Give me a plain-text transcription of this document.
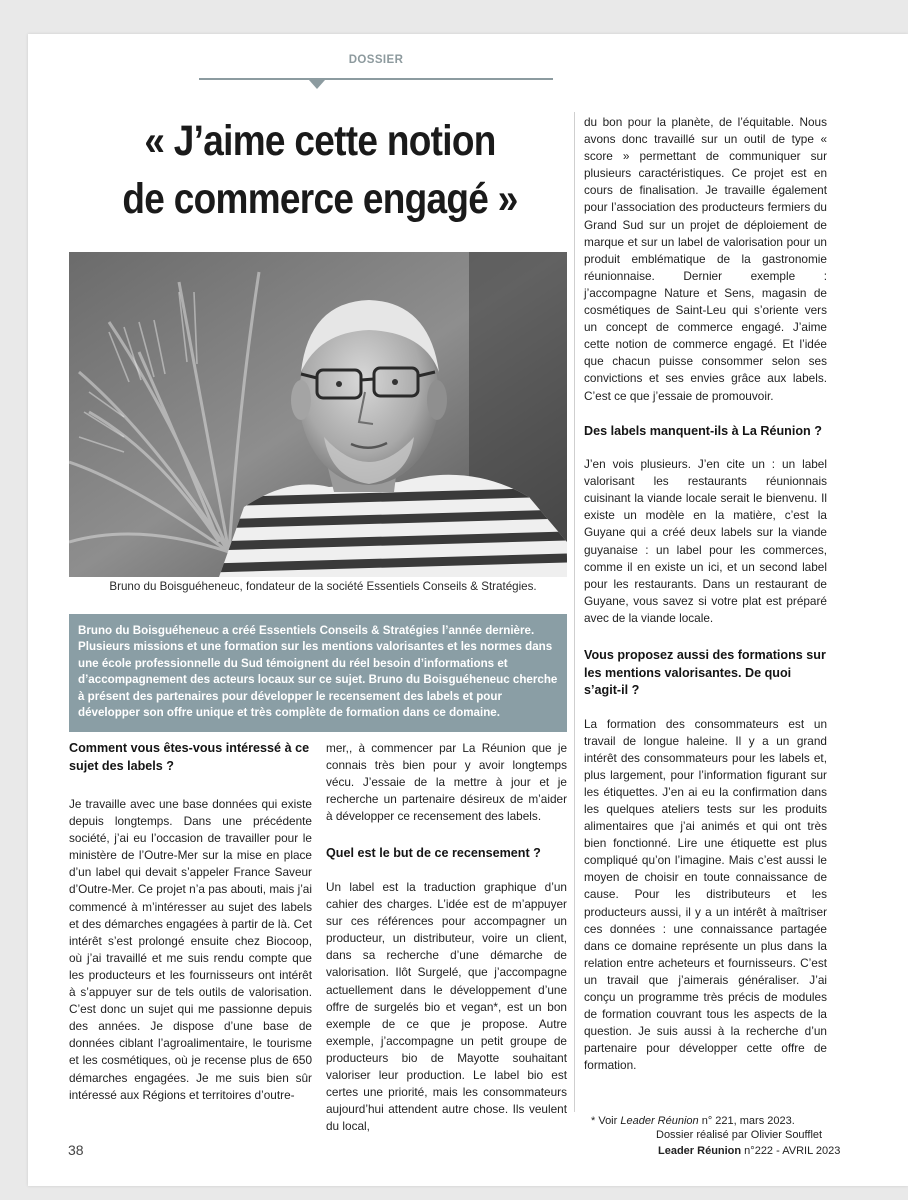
DOSSIER
« J’aime cette notion
de commerce engagé »

Bruno du Boisguéheneuc, fondateur de la société Essentiels Conseils & Stratégies.

Bruno du Boisguéheneuc a créé Essentiels Conseils & Stratégies l’année dernière. Plusieurs missions et une formation sur les mentions valorisantes et les normes dans une école professionnelle du Sud témoignent du réel besoin d’informations et d’accompagnement des acteurs locaux sur ce sujet. Bruno du Boisguéheneuc cherche à présent des partenaires pour développer le recensement des labels et pour développer son offre unique et très complète de formation dans ce domaine.

Comment vous êtes-vous intéressé à ce sujet des labels ?

Je travaille avec une base données qui existe depuis longtemps. Dans une précédente société, j’ai eu l’occasion de travailler pour le ministère de l’Outre-Mer sur la mise en place d’un label qui devait s’appeler France Saveur d’Outre-Mer. Ce projet n’a pas abouti, mais j’ai commencé à m’intéresser au sujet des labels et des démarches engagées à partir de là. Cet intérêt s’est prolongé ensuite chez Biocoop, où j’ai travaillé et me suis rendu compte que les producteurs et les fournisseurs ont intérêt à s’appuyer sur de tels outils de valorisation. C’est donc un sujet qui me passionne depuis des années. Je dispose d’une base de données ciblant l’agroalimentaire, le tourisme et les cosmétiques, où je recense plus de 650 démarches engagées. Je me suis bien sûr intéressé aux Régions et territoires d’outre-

mer,, à commencer par La Réunion que je connais très bien pour y avoir longtemps vécu. J’essaie de la mettre à jour et je recherche un partenaire désireux de m’aider à développer ce recensement des labels.

Quel est le but de ce recensement ?

Un label est la traduction graphique d’un cahier des charges. L’idée est de m’appuyer sur ces références pour accompagner un producteur, un distributeur, voire un client, dans sa recherche d’une démarche de valorisation. Ilôt Surgelé, que j’accompagne actuellement dans le développement d’une offre de surgelés bio et vegan*, est un bon exemple de ce que je propose. Autre exemple, j’accompagne un petit groupe de producteurs bio de Mayotte souhaitant valoriser leur production. Le label bio est certes une priorité, mais les consommateurs aujourd’hui attendent autre chose. Ils veulent du local,

du bon pour la planète, de l’équitable. Nous avons donc travaillé sur un outil de type « score » permettant de communiquer sur plusieurs caractéristiques. Ce projet est en cours de finalisation. Je travaille également pour l’association des producteurs fermiers du Grand Sud sur un projet de déploiement de marque et sur un label de valorisation pour un produit emblématique de la gastronomie réunionnaise. Dernier exemple : j’accompagne Nature et Sens, magasin de cosmétiques de Saint-Leu qui s’oriente vers un concept de commerce engagé. J’aime cette notion de commerce engagé. Et l’idée que chacun puisse consommer selon ses convictions et ses envies grâce aux labels. C’est ce que j’essaie de promouvoir.

Des labels manquent-ils à La Réunion ?

J’en vois plusieurs. J’en cite un : un label valorisant les restaurants réunionnais cuisinant la viande locale serait le bienvenu. Il existe un modèle en la matière, c’est la Guyane qui a créé deux labels sur la viande guyanaise : un label pour les commerces, comme il en existe un ici, et un second label pour les restaurants. Dans un restaurant de Guyane, vous savez si votre plat est préparé avec de la viande locale.

Vous proposez aussi des formations sur les mentions valorisantes. De quoi s’agit-il ?

La formation des consommateurs est un travail de longue haleine. Il y a un grand intérêt des consommateurs pour les labels et, plus largement, pour l’information figurant sur les étiquettes. J’en ai eu la confirmation dans les quelques ateliers tests sur les produits alimentaires que j’ai animés et qui ont très bien fonctionné. Lire une étiquette est plus compliqué qu’on l’imagine. Mais c’est aussi le moyen de choisir en toute connaissance de cause. Pour les distributeurs et les producteurs aussi, il y a un intérêt à maîtriser ces données : une connaissance partagée dans ce domaine représente un plus dans la relation entre acheteurs et fournisseurs. C’est un travail que j’aimerais généraliser. J’ai conçu un programme très précis de modules de formation couvrant tous les aspects de la question. Je suis aussi à la recherche d’un partenaire pour développer cette offre de formation.

* Voir Leader Réunion n° 221, mars 2023.
Dossier réalisé par Olivier Soufflet
38	Leader Réunion n°222 - AVRIL 2023
